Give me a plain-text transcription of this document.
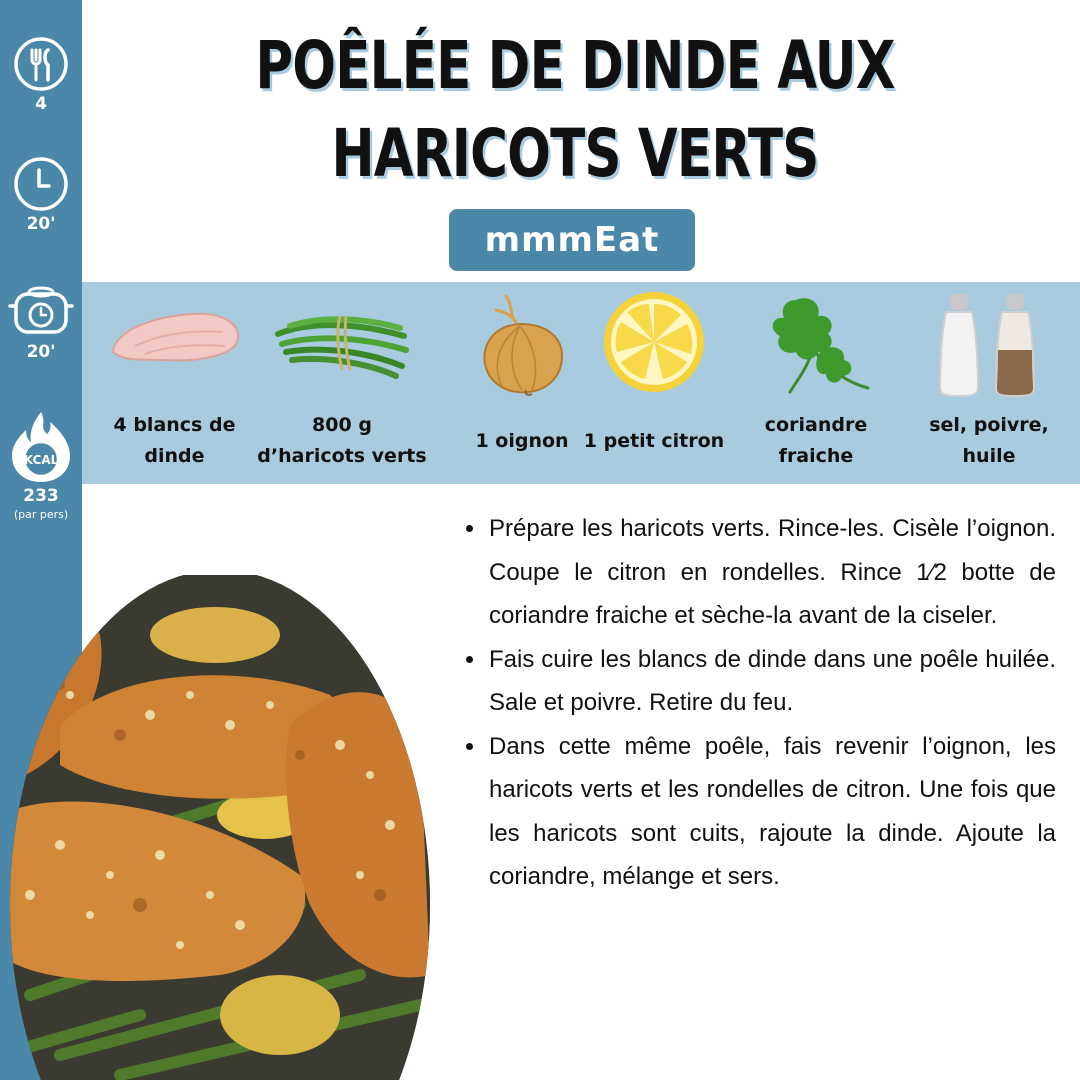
4
20'
20'
KCAL
233
(par pers)
POÊLÉE DE DINDE AUX HARICOTS VERTS
mmmEat
4 blancs de dinde
800 g d’haricots verts
1 oignon 1 petit citron
coriandre fraiche
sel, poivre, huile
Prépare les haricots verts. Rince-les. Cisèle l’oignon. Coupe le citron en rondelles. Rince 1⁄2 botte de coriandre fraiche et sèche-la avant de la ciseler.
Fais cuire les blancs de dinde dans une poêle huilée. Sale et poivre. Retire du feu.
Dans cette même poêle, fais revenir l’oignon, les haricots verts et les rondelles de citron. Une fois que les haricots sont cuits, rajoute la dinde. Ajoute la coriandre, mélange et sers.
